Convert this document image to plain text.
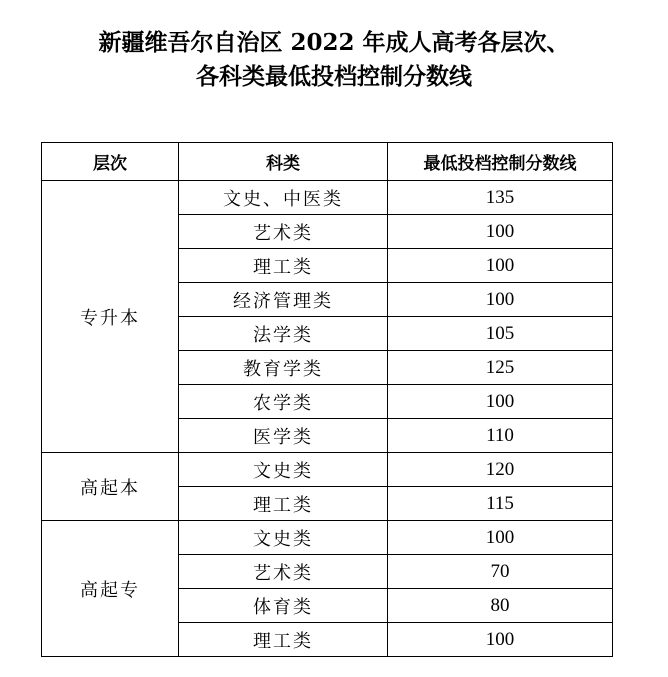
新疆维吾尔自治区 2022 年成人高考各层次、
各科类最低投档控制分数线
层次	科类	最低投档控制分数线
专升本	文史、中医类	135
	艺术类	100
	理工类	100
	经济管理类	100
	法学类	105
	教育学类	125
	农学类	100
	医学类	110
高起本	文史类	120
	理工类	115
高起专	文史类	100
	艺术类	70
	体育类	80
	理工类	100
